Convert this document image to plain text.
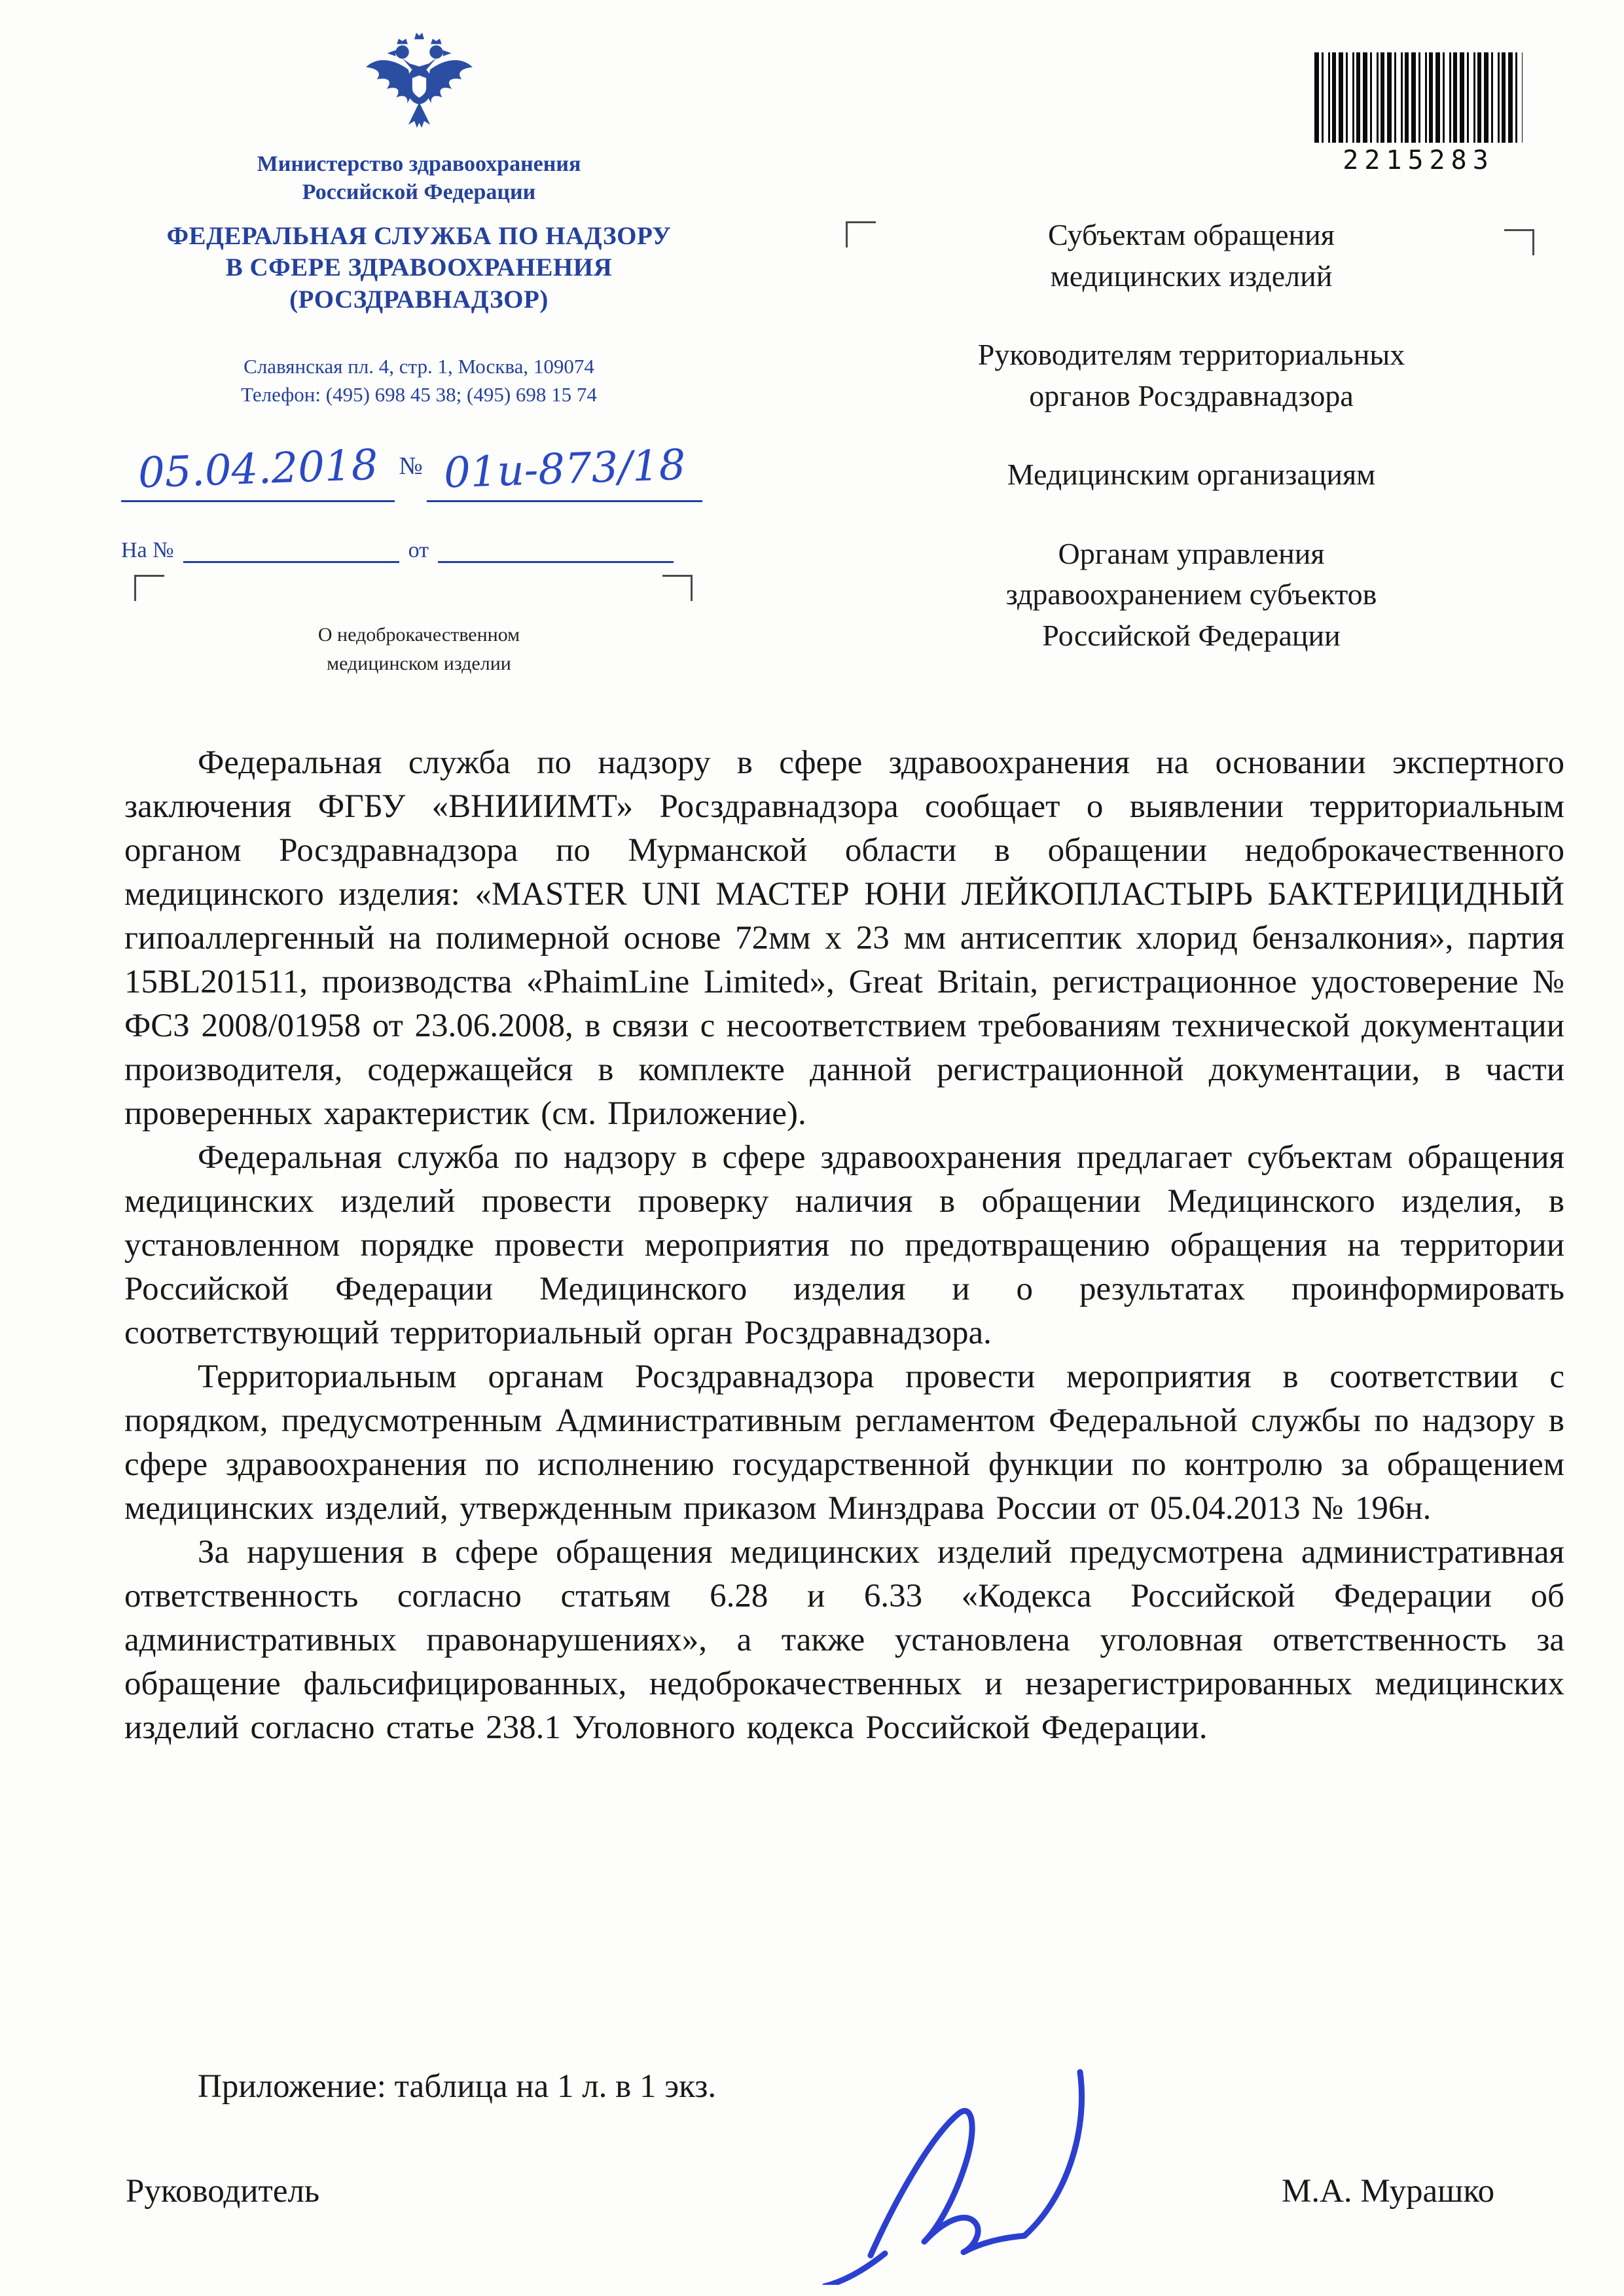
Министерство здравоохранения
Российской Федерации
ФЕДЕРАЛЬНАЯ СЛУЖБА ПО НАДЗОРУ
В СФЕРЕ ЗДРАВООХРАНЕНИЯ
(РОСЗДРАВНАДЗОР)
Славянская пл. 4, стр. 1, Москва, 109074
Телефон: (495) 698 45 38; (495) 698 15 74
05.04.2018 № 01и-873/18
На №	от
О недоброкачественном медицинском изделии
2215283
Субъектам обращения медицинских изделий
Руководителям территориальных органов Росздравнадзора
Медицинским организациям
Органам управления здравоохранением субъектов Российской Федерации

Федеральная служба по надзору в сфере здравоохранения на основании экспертного заключения ФГБУ «ВНИИИМТ» Росздравнадзора сообщает о выявлении территориальным органом Росздравнадзора по Мурманской области в обращении недоброкачественного медицинского изделия: «MASTER UNI МАСТЕР ЮНИ ЛЕЙКОПЛАСТЫРЬ БАКТЕРИЦИДНЫЙ гипоаллергенный на полимерной основе 72мм х 23 мм антисептик хлорид бензалкония», партия 15BL201511, производства «PhaimLine Limited», Great Britain, регистрационное удостоверение № ФСЗ 2008/01958 от 23.06.2008, в связи с несоответствием требованиям технической документации производителя, содержащейся в комплекте данной регистрационной документации, в части проверенных характеристик (см. Приложение).

Федеральная служба по надзору в сфере здравоохранения предлагает субъектам обращения медицинских изделий провести проверку наличия в обращении Медицинского изделия, в установленном порядке провести мероприятия по предотвращению обращения на территории Российской Федерации Медицинского изделия и о результатах проинформировать соответствующий территориальный орган Росздравнадзора.

Территориальным органам Росздравнадзора провести мероприятия в соответствии с порядком, предусмотренным Административным регламентом Федеральной службы по надзору в сфере здравоохранения по исполнению государственной функции по контролю за обращением медицинских изделий, утвержденным приказом Минздрава России от 05.04.2013 № 196н.

За нарушения в сфере обращения медицинских изделий предусмотрена административная ответственность согласно статьям 6.28 и 6.33 «Кодекса Российской Федерации об административных правонарушениях», а также установлена уголовная ответственность за обращение фальсифицированных, недоброкачественных и незарегистрированных медицинских изделий согласно статье 238.1 Уголовного кодекса Российской Федерации.

Приложение: таблица на 1 л. в 1 экз.
Руководитель	М.А. Мурашко
